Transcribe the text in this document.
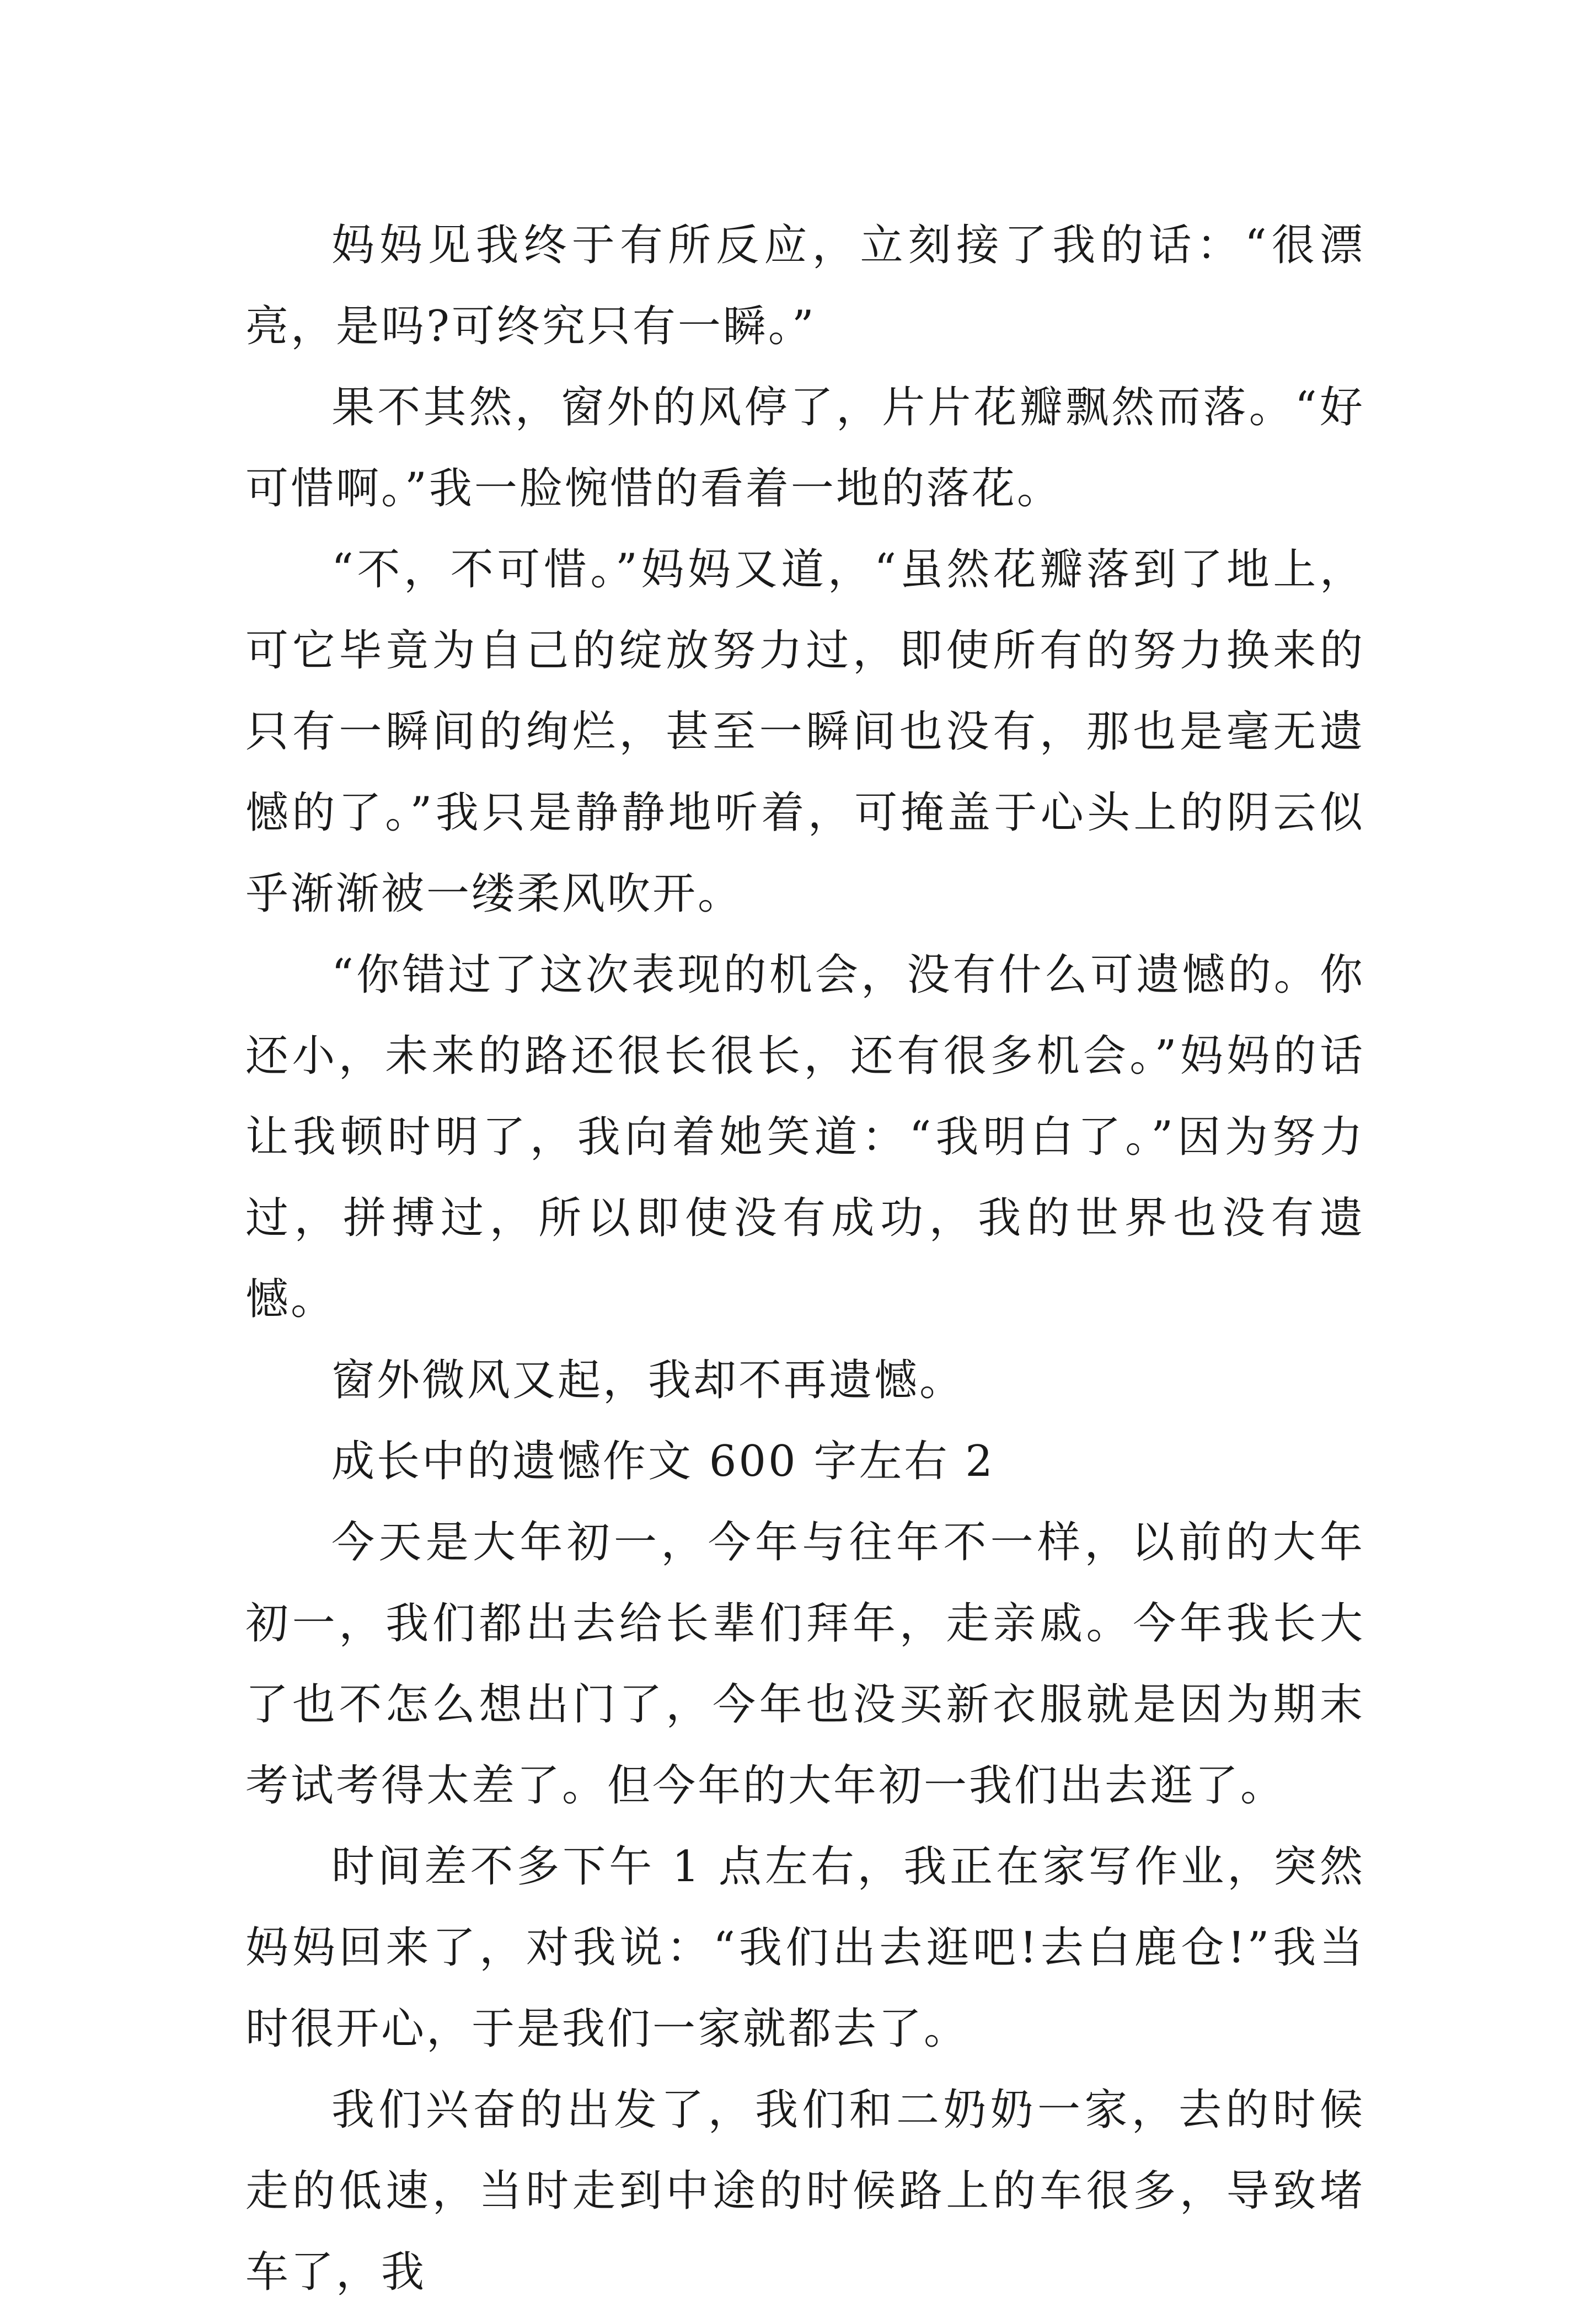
妈妈见我终于有所反应，立刻接了我的话：“很漂亮，是吗?可终究只有一瞬。”

果不其然，窗外的风停了，片片花瓣飘然而落。“好可惜啊。”我一脸惋惜的看着一地的落花。

“不，不可惜。”妈妈又道，“虽然花瓣落到了地上，可它毕竟为自己的绽放努力过，即使所有的努力换来的只有一瞬间的绚烂，甚至一瞬间也没有，那也是毫无遗憾的了。”我只是静静地听着，可掩盖于心头上的阴云似乎渐渐被一缕柔风吹开。

“你错过了这次表现的机会，没有什么可遗憾的。你还小，未来的路还很长很长，还有很多机会。”妈妈的话让我顿时明了，我向着她笑道：“我明白了。”因为努力过，拼搏过，所以即使没有成功，我的世界也没有遗憾。

窗外微风又起，我却不再遗憾。

成长中的遗憾作文 600 字左右 2

今天是大年初一，今年与往年不一样，以前的大年初一，我们都出去给长辈们拜年，走亲戚。今年我长大了也不怎么想出门了，今年也没买新衣服就是因为期末考试考得太差了。但今年的大年初一我们出去逛了。

时间差不多下午 1 点左右，我正在家写作业，突然妈妈回来了，对我说：“我们出去逛吧!去白鹿仓!”我当时很开心，于是我们一家就都去了。

我们兴奋的出发了，我们和二奶奶一家，去的时候走的低速，当时走到中途的时候路上的车很多，导致堵车了，我
